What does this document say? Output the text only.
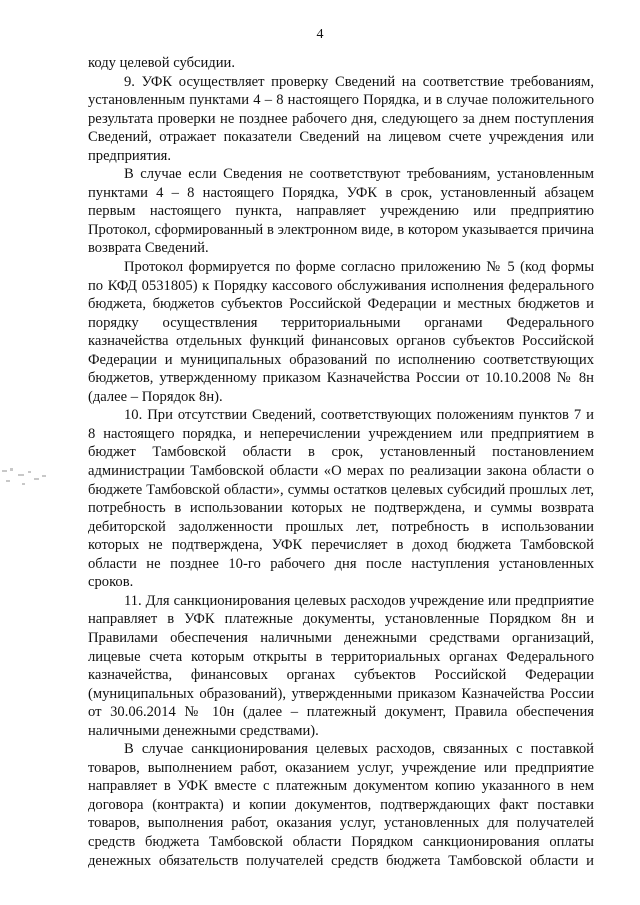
4

коду целевой субсидии.

9. УФК осуществляет проверку Сведений на соответствие требованиям, установленным пунктами 4 – 8 настоящего Порядка, и в случае положительного результата проверки не позднее рабочего дня, следующего за днем поступления Сведений, отражает показатели Сведений на лицевом счете учреждения или предприятия.

В случае если Сведения не соответствуют требованиям, установленным пунктами 4 – 8 настоящего Порядка, УФК в срок, установленный абзацем первым настоящего пункта, направляет учреждению или предприятию Протокол, сформированный в электронном виде, в котором указывается причина возврата Сведений.

Протокол формируется по форме согласно приложению № 5 (код формы по КФД 0531805) к Порядку кассового обслуживания исполнения федерального бюджета, бюджетов субъектов Российской Федерации и местных бюджетов и порядку осуществления территориальными органами Федерального казначейства отдельных функций финансовых органов субъектов Российской Федерации и муниципальных образований по исполнению соответствующих бюджетов, утвержденному приказом Казначейства России от 10.10.2008 № 8н (далее – Порядок 8н).

10. При отсутствии Сведений, соответствующих положениям пунктов 7 и 8 настоящего порядка, и неперечислении учреждением или предприятием в бюджет Тамбовской области в срок, установленный постановлением администрации Тамбовской области «О мерах по реализации закона области о бюджете Тамбовской области», суммы остатков целевых субсидий прошлых лет, потребность в использовании которых не подтверждена, и суммы возврата дебиторской задолженности прошлых лет, потребность в использовании которых не подтверждена, УФК перечисляет в доход бюджета Тамбовской области не позднее 10-го рабочего дня после наступления установленных сроков.

11. Для санкционирования целевых расходов учреждение или предприятие направляет в УФК платежные документы, установленные Порядком 8н и Правилами обеспечения наличными денежными средствами организаций, лицевые счета которым открыты в территориальных органах Федерального казначейства, финансовых органах субъектов Российской Федерации (муниципальных образований), утвержденными приказом Казначейства России от 30.06.2014 № 10н (далее – платежный документ, Правила обеспечения наличными денежными средствами).

В случае санкционирования целевых расходов, связанных с поставкой товаров, выполнением работ, оказанием услуг, учреждение или предприятие направляет в УФК вместе с платежным документом копию указанного в нем договора (контракта) и копии документов, подтверждающих факт поставки товаров, выполнения работ, оказания услуг, установленных для получателей средств бюджета Тамбовской области Порядком санкционирования оплаты денежных обязательств получателей средств бюджета Тамбовской области и
